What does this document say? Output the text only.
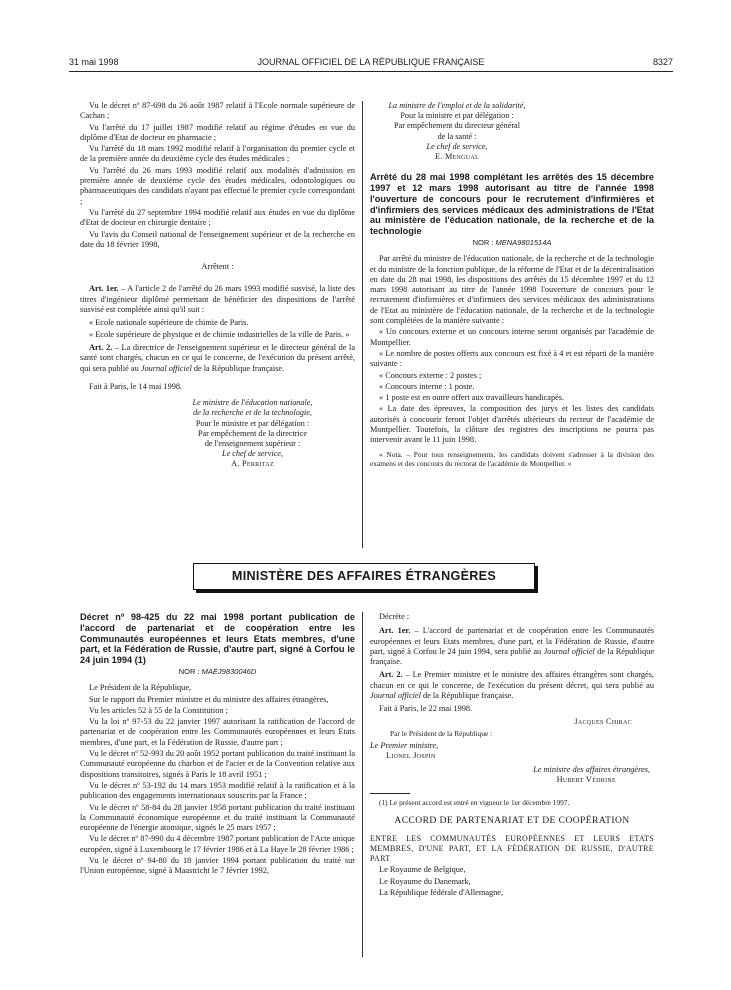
31 mai 1998	JOURNAL OFFICIEL DE LA RÉPUBLIQUE FRANÇAISE	8327

Vu le décret nº 87-698 du 26 août 1987 relatif à l'Ecole normale supérieure de Cachan ;

Vu l'arrêté du 17 juillet 1987 modifié relatif au régime d'études en vue du diplôme d'Etat de docteur en pharmacie ;

Vu l'arrêté du 18 mars 1992 modifié relatif à l'organisation du premier cycle et de la première année du deuxième cycle des études médicales ;

Vu l'arrêté du 26 mars 1993 modifié relatif aux modalités d'admission en première année de deuxième cycle des études médicales, odontologiques ou pharmaceutiques des candidats n'ayant pas effectué le premier cycle correspondant ;

Vu l'arrêté du 27 septembre 1994 modifié relatif aux études en vue du diplôme d'Etat de docteur en chirurgie dentaire ;

Vu l'avis du Conseil national de l'enseignement supérieur et de la recherche en date du 18 février 1998,

Arrêtent :

Art. 1er. – A l'article 2 de l'arrêté du 26 mars 1993 modifié susvisé, la liste des titres d'ingénieur diplômé permettant de bénéficier des dispositions de l'arrêté susvisé est complétée ainsi qu'il suit :

« Ecole nationale supérieure de chimie de Paris.

« Ecole supérieure de physique et de chimie industrielles de la ville de Paris. »

Art. 2. – La directrice de l'enseignement supérieur et le directeur général de la santé sont chargés, chacun en ce qui le concerne, de l'exécution du présent arrêté, qui sera publié au Journal officiel de la République française.

Fait à Paris, le 14 mai 1998.

Le ministre de l'éducation nationale,
de la recherche et de la technologie,
Pour le ministre et par délégation :
Par empêchement de la directrice
de l'enseignement supérieur :
Le chef de service,
A. Perritaz
La ministre de l'emploi et de la solidarité,
Pour la ministre et par délégation :
Par empêchement du directeur général
de la santé :
Le chef de service,
E. Mengual
Arrêté du 28 mai 1998 complétant les arrêtés des 15 décembre 1997 et 12 mars 1998 autorisant au titre de l'année 1998 l'ouverture de concours pour le recrutement d'infirmières et d'infirmiers des services médicaux des administrations de l'Etat au ministère de l'éducation nationale, de la recherche et de la technologie
NOR : MENA9801514A

Par arrêté du ministre de l'éducation nationale, de la recherche et de la technologie et du ministre de la fonction publique, de la réforme de l'Etat et de la décentralisation en date du 28 mai 1998, les dispositions des arrêtés du 15 décembre 1997 et du 12 mars 1998 autorisant au titre de l'année 1998 l'ouverture de concours pour le recrutement d'infirmières et d'infirmiers des services médicaux des administrations de l'Etat au ministère de l'éducation nationale, de la recherche et de la technologie sont complétées de la manière suivante :

« Un concours externe et un concours interne seront organisés par l'académie de Montpellier.

« Le nombre de postes offerts aux concours est fixé à 4 et est réparti de la manière suivante :

« Concours externe : 2 postes ;

« Concours interne : 1 poste.

« 1 poste est en outre offert aux travailleurs handicapés.

« La date des épreuves, la composition des jurys et les listes des candidats autorisés à concourir feront l'objet d'arrêtés ultérieurs du recteur de l'académie de Montpellier. Toutefois, la clôture des registres des inscriptions ne pourra pas intervenir avant le 11 juin 1998.

« Nota. – Pour tous renseignements, les candidats doivent s'adresser à la division des examens et des concours du rectorat de l'académie de Montpellier. »

MINISTÈRE DES AFFAIRES ÉTRANGÈRES
Décret nº 98-425 du 22 mai 1998 portant publication de l'accord de partenariat et de coopération entre les Communautés européennes et leurs Etats membres, d'une part, et la Fédération de Russie, d'autre part, signé à Corfou le 24 juin 1994 (1)
NOR : MAEJ9830046D

Le Président de la République,

Sur le rapport du Premier ministre et du ministre des affaires étrangères,

Vu les articles 52 à 55 de la Constitution ;

Vu la loi nº 97-53 du 22 janvier 1997 autorisant la ratification de l'accord de partenariat et de coopération entre les Communautés européennes et leurs Etats membres, d'une part, et la Fédération de Russie, d'autre part ;

Vu le décret nº 52-993 du 20 août 1952 portant publication du traité instituant la Communauté européenne du charbon et de l'acier et de la Convention relative aux dispositions transitoires, signés à Paris le 18 avril 1951 ;

Vu le décret nº 53-192 du 14 mars 1953 modifié relatif à la ratification et à la publication des engagements internationaux souscrits par la France ;

Vu le décret nº 58-84 du 28 janvier 1958 portant publication du traité instituant la Communauté économique européenne et du traité instituant la Communauté européenne de l'énergie atomique, signés le 25 mars 1957 ;

Vu le décret nº 87-990 du 4 décembre 1987 portant publication de l'Acte unique européen, signé à Luxembourg le 17 février 1986 et à La Haye le 28 février 1986 ;

Vu le décret nº 94-80 du 18 janvier 1994 portant publication du traité sur l'Union européenne, signé à Maastricht le 7 février 1992,

Décrète :

Art. 1er. – L'accord de partenariat et de coopération entre les Communautés européennes et leurs Etats membres, d'une part, et la Fédération de Russie, d'autre part, signé à Corfou le 24 juin 1994, sera publié au Journal officiel de la République française.

Art. 2. – Le Premier ministre et le ministre des affaires étrangères sont chargés, chacun en ce qui le concerne, de l'exécution du présent décret, qui sera publié au Journal officiel de la République française.

Fait à Paris, le 22 mai 1998.

Jacques Chirac
Par le Président de la République :
Le Premier ministre,
Lionel Jospin
Le ministre des affaires étrangères,
Hubert Védrine

(1) Le présent accord est entré en vigueur le 1er décembre 1997.

ACCORD DE PARTENARIAT ET DE COOPÉRATION

ENTRE LES COMMUNAUTÉS EUROPÉENNES ET LEURS ETATS MEMBRES, D'UNE PART, ET LA FÉDÉRATION DE RUSSIE, D'AUTRE PART

Le Royaume de Belgique,

Le Royaume du Danemark,

La République fédérale d'Allemagne,
